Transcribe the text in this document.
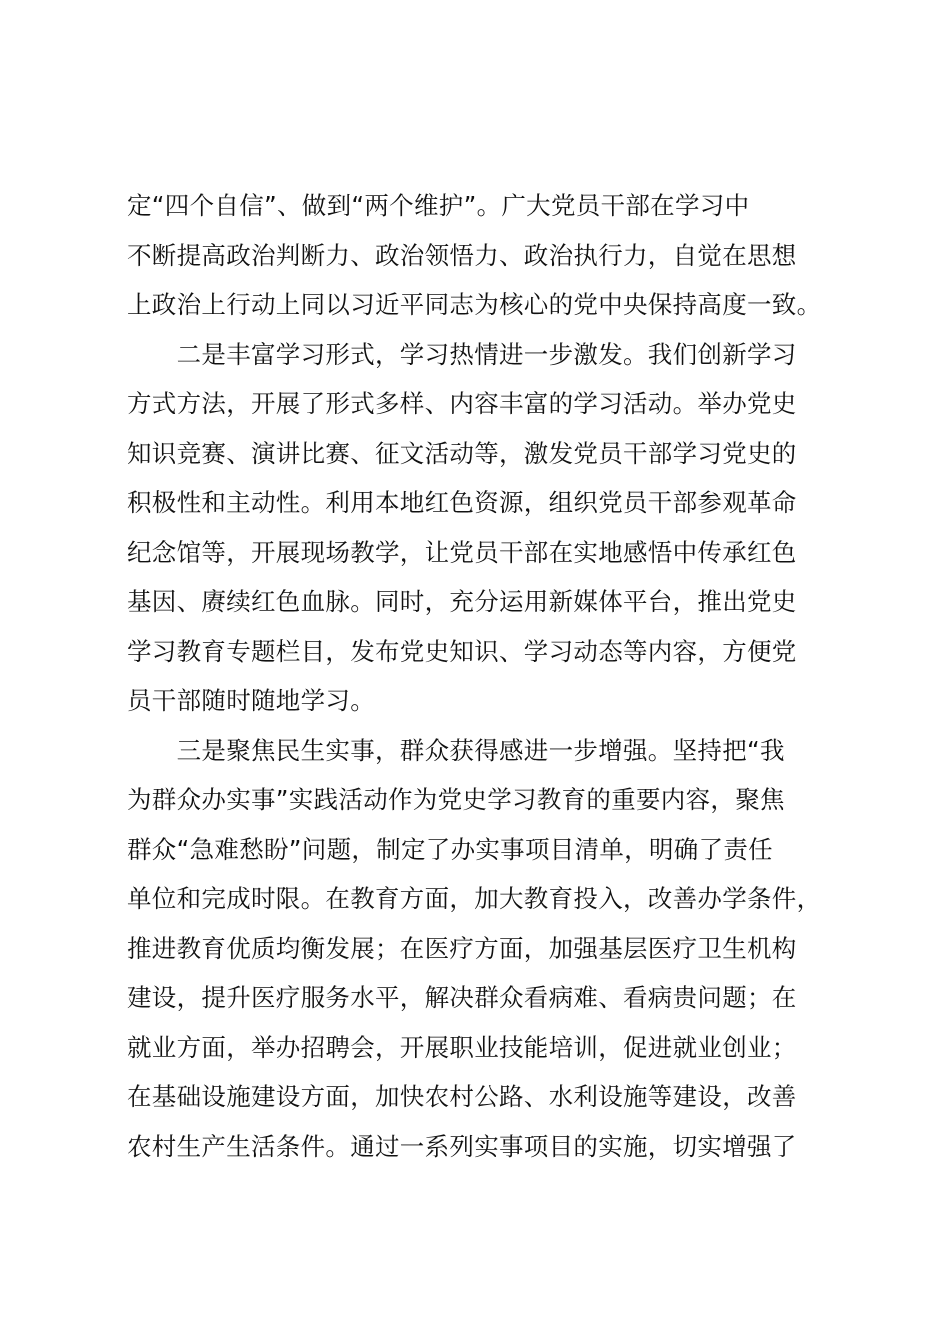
定“四个自信”、做到“两个维护”。广大党员干部在学习中
不断提高政治判断力、政治领悟力、政治执行力，自觉在思想
上政治上行动上同以习近平同志为核心的党中央保持高度一致。
　　二是丰富学习形式，学习热情进一步激发。我们创新学习
方式方法，开展了形式多样、内容丰富的学习活动。举办党史
知识竞赛、演讲比赛、征文活动等，激发党员干部学习党史的
积极性和主动性。利用本地红色资源，组织党员干部参观革命
纪念馆等，开展现场教学，让党员干部在实地感悟中传承红色
基因、赓续红色血脉。同时，充分运用新媒体平台，推出党史
学习教育专题栏目，发布党史知识、学习动态等内容，方便党
员干部随时随地学习。
　　三是聚焦民生实事，群众获得感进一步增强。坚持把“我
为群众办实事”实践活动作为党史学习教育的重要内容，聚焦
群众“急难愁盼”问题，制定了办实事项目清单，明确了责任
单位和完成时限。在教育方面，加大教育投入，改善办学条件，
推进教育优质均衡发展；在医疗方面，加强基层医疗卫生机构
建设，提升医疗服务水平，解决群众看病难、看病贵问题；在
就业方面，举办招聘会，开展职业技能培训，促进就业创业；
在基础设施建设方面，加快农村公路、水利设施等建设，改善
农村生产生活条件。通过一系列实事项目的实施，切实增强了
